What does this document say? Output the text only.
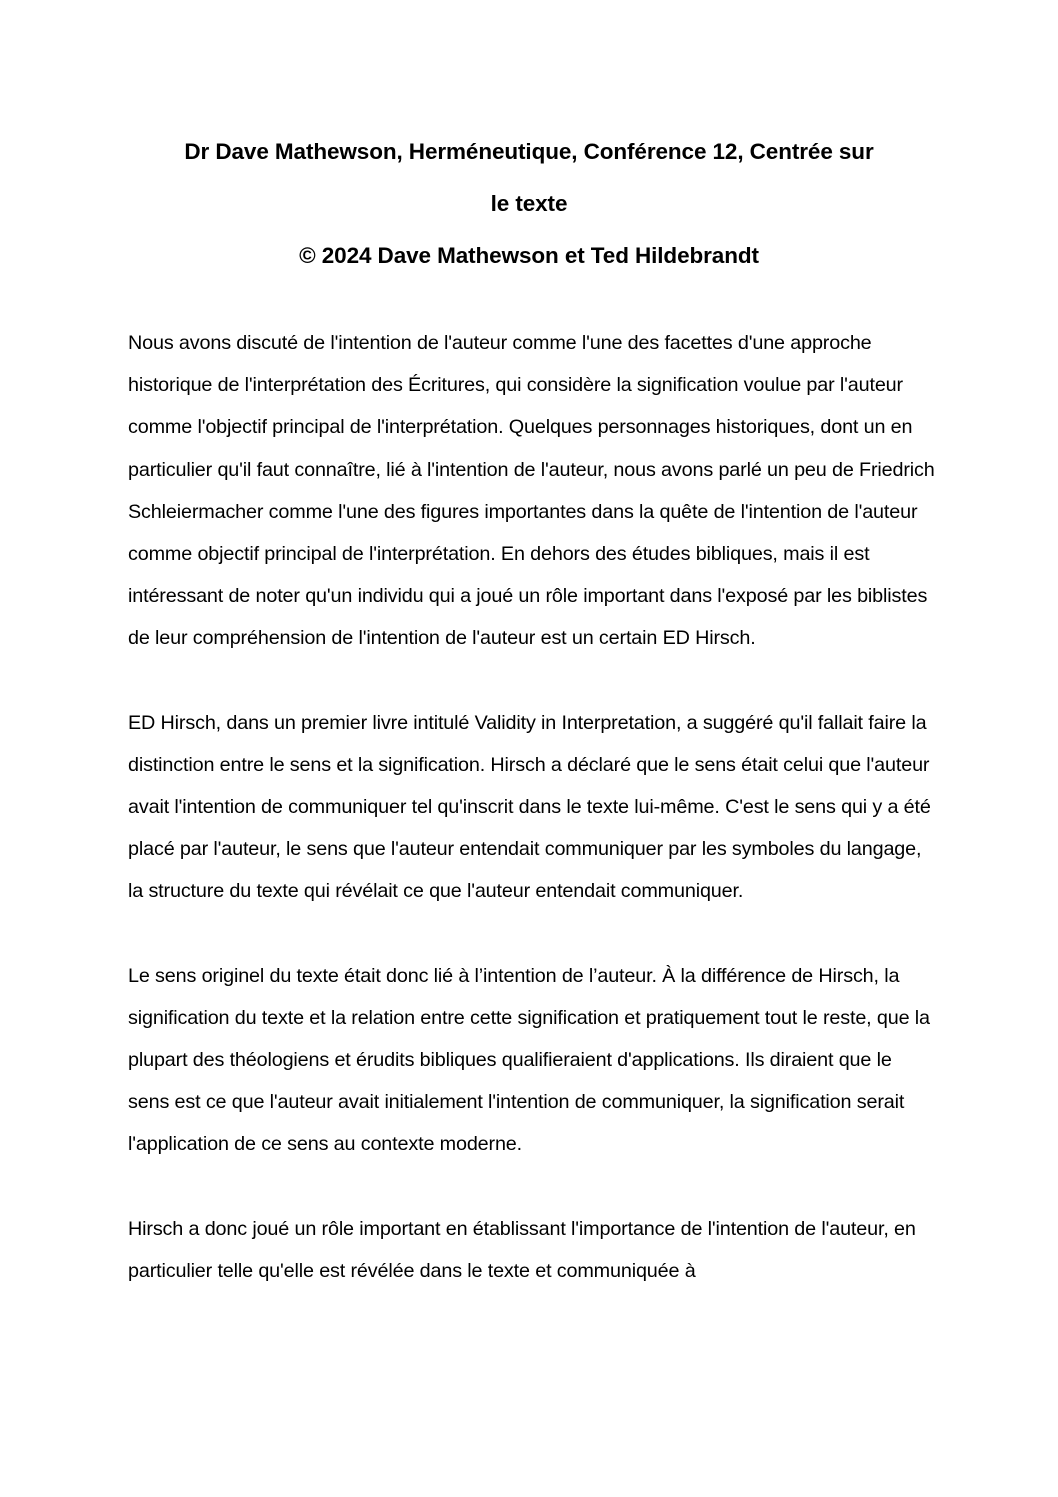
Dr Dave Mathewson, Herméneutique, Conférence 12, Centrée sur
le texte
© 2024 Dave Mathewson et Ted Hildebrandt

Nous avons discuté de l'intention de l'auteur comme l'une des facettes d'une approche historique de l'interprétation des Écritures, qui considère la signification voulue par l'auteur comme l'objectif principal de l'interprétation. Quelques personnages historiques, dont un en particulier qu'il faut connaître, lié à l'intention de l'auteur, nous avons parlé un peu de Friedrich Schleiermacher comme l'une des figures importantes dans la quête de l'intention de l'auteur comme objectif principal de l'interprétation. En dehors des études bibliques, mais il est intéressant de noter qu'un individu qui a joué un rôle important dans l'exposé par les biblistes de leur compréhension de l'intention de l'auteur est un certain ED Hirsch.

ED Hirsch, dans un premier livre intitulé Validity in Interpretation, a suggéré qu'il fallait faire la distinction entre le sens et la signification. Hirsch a déclaré que le sens était celui que l'auteur avait l'intention de communiquer tel qu'inscrit dans le texte lui-même. C'est le sens qui y a été placé par l'auteur, le sens que l'auteur entendait communiquer par les symboles du langage, la structure du texte qui révélait ce que l'auteur entendait communiquer.

Le sens originel du texte était donc lié à l’intention de l’auteur. À la différence de Hirsch, la signification du texte et la relation entre cette signification et pratiquement tout le reste, que la plupart des théologiens et érudits bibliques qualifieraient d'applications. Ils diraient que le sens est ce que l'auteur avait initialement l'intention de communiquer, la signification serait l'application de ce sens au contexte moderne.

Hirsch a donc joué un rôle important en établissant l'importance de l'intention de l'auteur, en particulier telle qu'elle est révélée dans le texte et communiquée à
